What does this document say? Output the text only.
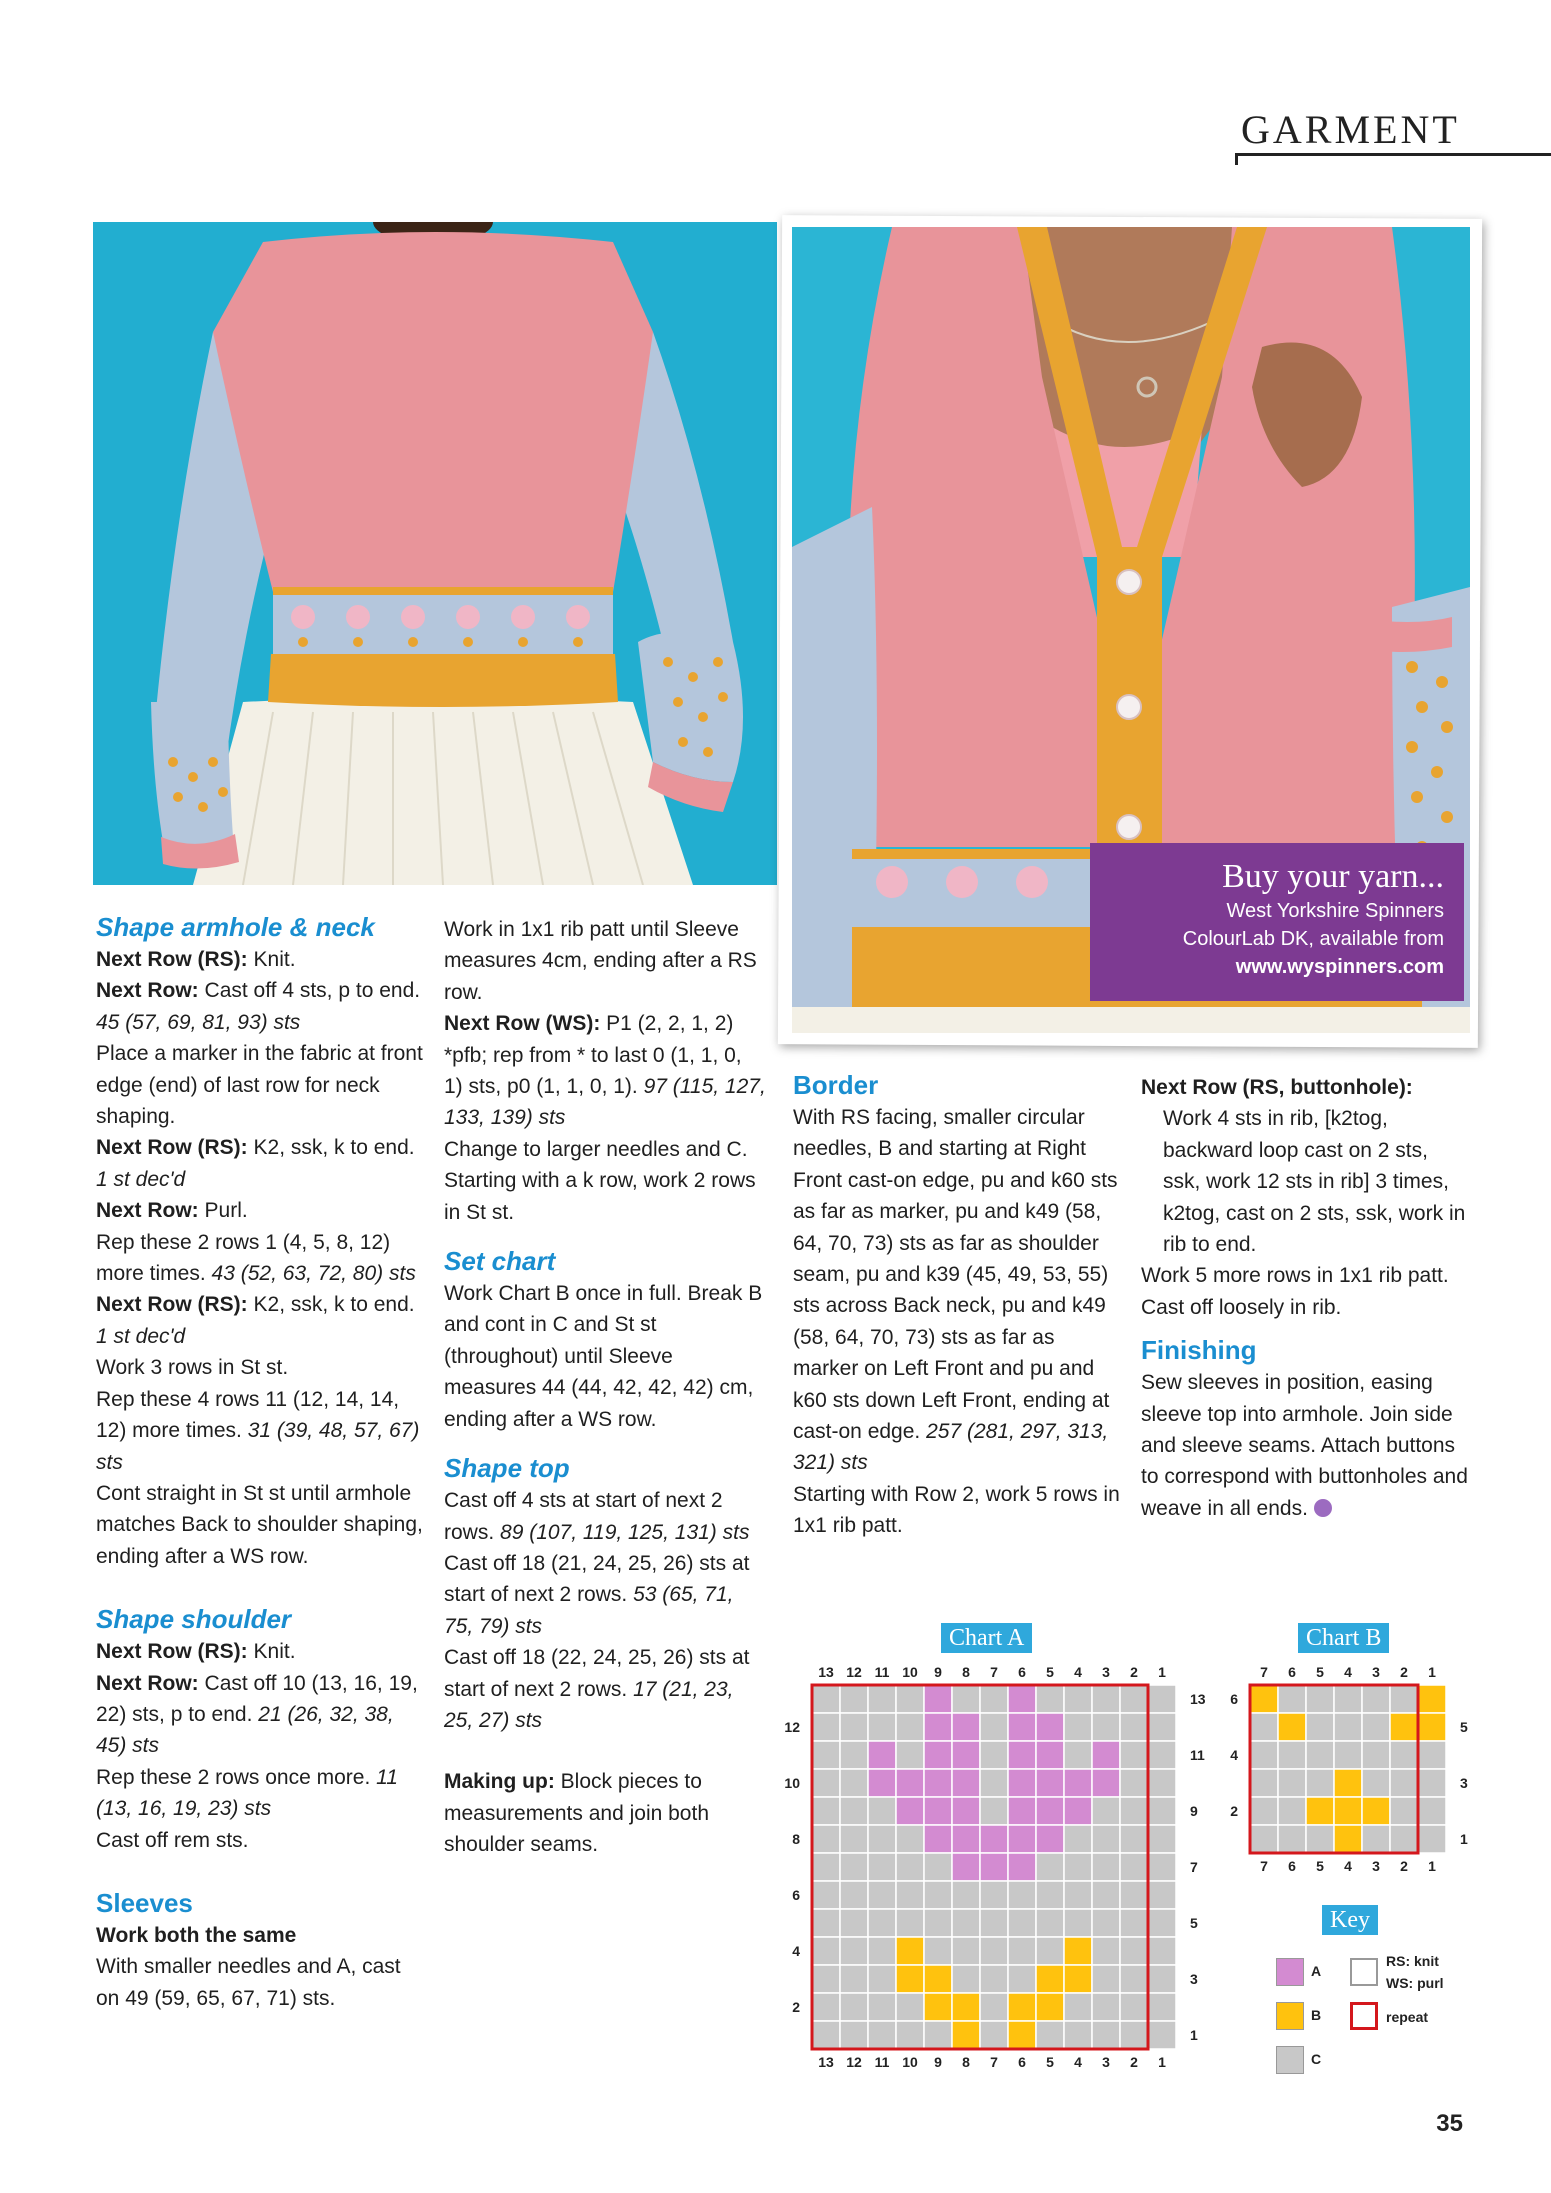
GARMENT
Buy your yarn...
West Yorkshire Spinners
ColourLab DK, available from
www.wyspinners.com

Shape armhole & neck

Next Row (RS): Knit.

Next Row: Cast off 4 sts, p to end. 45 (57, 69, 81, 93) sts

Place a marker in the fabric at front edge (end) of last row for neck shaping.

Next Row (RS): K2, ssk, k to end. 1 st dec'd

Next Row: Purl.

Rep these 2 rows 1 (4, 5, 8, 12) more times. 43 (52, 63, 72, 80) sts

Next Row (RS): K2, ssk, k to end. 1 st dec'd

Work 3 rows in St st.

Rep these 4 rows 11 (12, 14, 14, 12) more times. 31 (39, 48, 57, 67) sts

Cont straight in St st until armhole matches Back to shoulder shaping, ending after a WS row.

Shape shoulder

Next Row (RS): Knit.

Next Row: Cast off 10 (13, 16, 19, 22) sts, p to end. 21 (26, 32, 38, 45) sts

Rep these 2 rows once more. 11 (13, 16, 19, 23) sts

Cast off rem sts.

Sleeves

Work both the same

With smaller needles and A, cast on 49 (59, 65, 67, 71) sts.

Work in 1x1 rib patt until Sleeve measures 4cm, ending after a RS row.

Next Row (WS): P1 (2, 2, 1, 2) *pfb; rep from * to last 0 (1, 1, 0, 1) sts, p0 (1, 1, 0, 1). 97 (115, 127, 133, 139) sts

Change to larger needles and C.

Starting with a k row, work 2 rows in St st.

Set chart

Work Chart B once in full. Break B and cont in C and St st (throughout) until Sleeve measures 44 (44, 42, 42, 42) cm, ending after a WS row.

Shape top

Cast off 4 sts at start of next 2 rows. 89 (107, 119, 125, 131) sts

Cast off 18 (21, 24, 25, 26) sts at start of next 2 rows. 53 (65, 71, 75, 79) sts

Cast off 18 (22, 24, 25, 26) sts at start of next 2 rows. 17 (21, 23, 25, 27) sts

Making up: Block pieces to measurements and join both shoulder seams.

Border

With RS facing, smaller circular needles, B and starting at Right Front cast-on edge, pu and k60 sts as far as marker, pu and k49 (58, 64, 70, 73) sts as far as shoulder seam, pu and k39 (45, 49, 53, 55) sts across Back neck, pu and k49 (58, 64, 70, 73) sts as far as marker on Left Front and pu and k60 sts down Left Front, ending at cast-on edge. 257 (281, 297, 313, 321) sts

Starting with Row 2, work 5 rows in 1x1 rib patt.

Next Row (RS, buttonhole):

Work 4 sts in rib, [k2tog, backward loop cast on 2 sts, ssk, work 12 sts in rib] 3 times, k2tog, cast on 2 sts, ssk, work in rib to end.

Work 5 more rows in 1x1 rib patt.

Cast off loosely in rib.

Finishing

Sew sleeves in position, easing sleeve top into armhole. Join side and sleeve seams. Attach buttons to correspond with buttonholes and weave in all ends.

Chart A	Chart B
Key
13
13
12
12
11
11
10
10
9
9
8
8
7
7
6
6
5
5
4
4
3
3
2
2
1
1
13
12
11
10
9
8
7
6
5
4
3
2
1
7
7
6
6
5
5
4
4
3
3
2
2
1
1
6
5
4
3
2
1
A
B
C
RS: knit
WS: purl
repeat
35
